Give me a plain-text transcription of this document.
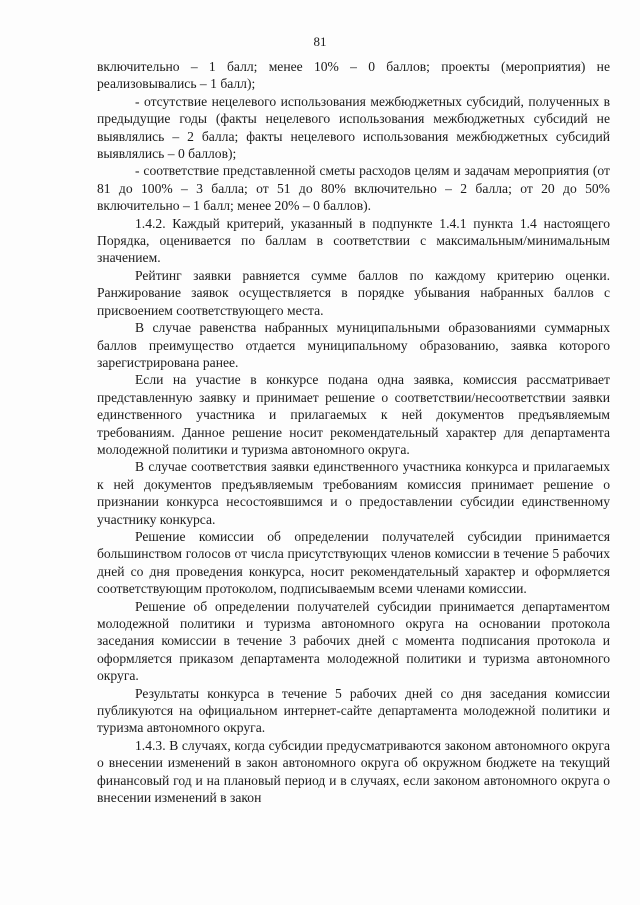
81

включительно – 1 балл; менее 10% – 0 баллов; проекты (мероприятия) не реализовывались – 1 балл);

- отсутствие нецелевого использования межбюджетных субсидий, полученных в предыдущие годы (факты нецелевого использования межбюджетных субсидий не выявлялись – 2 балла; факты нецелевого использования межбюджетных субсидий выявлялись – 0 баллов);

- соответствие представленной сметы расходов целям и задачам мероприятия (от 81 до 100% – 3 балла; от 51 до 80% включительно – 2 балла; от 20 до 50% включительно – 1 балл; менее 20% – 0 баллов).

1.4.2. Каждый критерий, указанный в подпункте 1.4.1 пункта 1.4 настоящего Порядка, оценивается по баллам в соответствии с максимальным/минимальным значением.

Рейтинг заявки равняется сумме баллов по каждому критерию оценки. Ранжирование заявок осуществляется в порядке убывания набранных баллов с присвоением соответствующего места.

В случае равенства набранных муниципальными образованиями суммарных баллов преимущество отдается муниципальному образованию, заявка которого зарегистрирована ранее.

Если на участие в конкурсе подана одна заявка, комиссия рассматривает представленную заявку и принимает решение о соответствии/несоответствии заявки единственного участника и прилагаемых к ней документов предъявляемым требованиям. Данное решение носит рекомендательный характер для департамента молодежной политики и туризма автономного округа.

В случае соответствия заявки единственного участника конкурса и прилагаемых к ней документов предъявляемым требованиям комиссия принимает решение о признании конкурса несостоявшимся и о предоставлении субсидии единственному участнику конкурса.

Решение комиссии об определении получателей субсидии принимается большинством голосов от числа присутствующих членов комиссии в течение 5 рабочих дней со дня проведения конкурса, носит рекомендательный характер и оформляется соответствующим протоколом, подписываемым всеми членами комиссии.

Решение об определении получателей субсидии принимается департаментом молодежной политики и туризма автономного округа на основании протокола заседания комиссии в течение 3 рабочих дней с момента подписания протокола и оформляется приказом департамента молодежной политики и туризма автономного округа.

Результаты конкурса в течение 5 рабочих дней со дня заседания комиссии публикуются на официальном интернет-сайте департамента молодежной политики и туризма автономного округа.

1.4.3. В случаях, когда субсидии предусматриваются законом автономного округа о внесении изменений в закон автономного округа об окружном бюджете на текущий финансовый год и на плановый период и в случаях, если законом автономного округа о внесении изменений в закон
